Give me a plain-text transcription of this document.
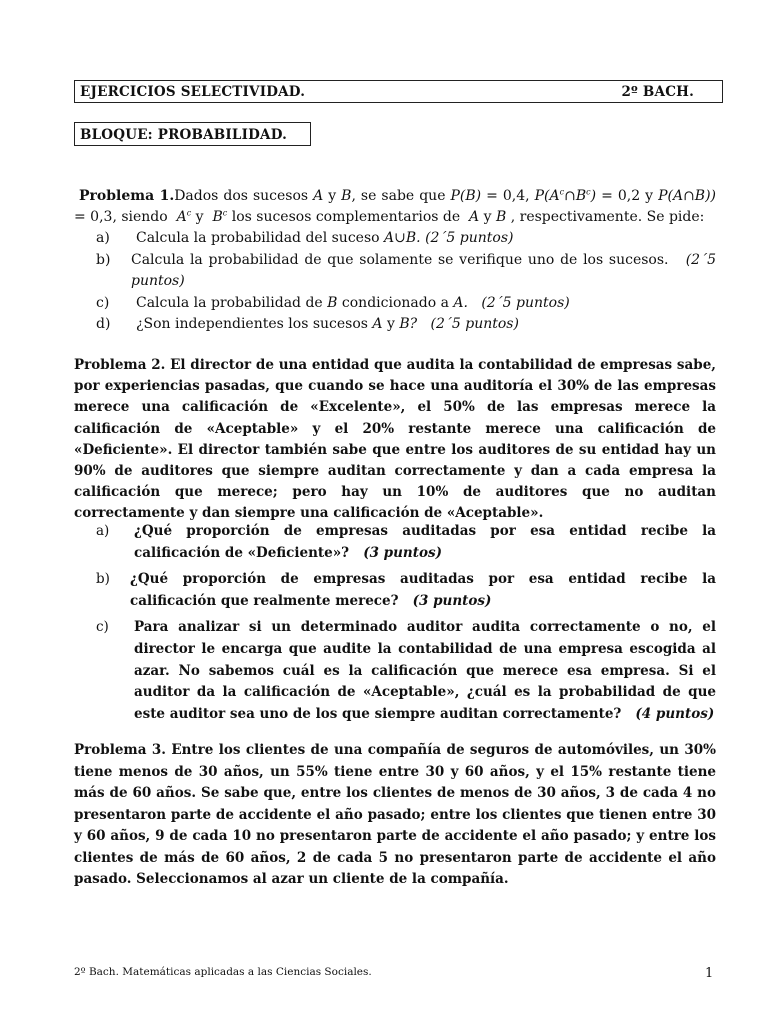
EJERCICIOS SELECTIVIDAD.	2º BACH.
BLOQUE: PROBABILIDAD.
Problema 1.Dados dos sucesos A y B, se sabe que P(B) = 0,4, $P(A^c\cap B^c) = 0,2$ y P(A∩B)) = 0,3, siendo  $A^c$ y  $B^c$ los sucesos complementarios de  A y B , respectivamente. Se pide:
a)	Calcula la probabilidad del suceso A∪B. (2´5 puntos)
b)	Calcula la probabilidad de que solamente se verifique uno de los sucesos. (2´5 puntos)
c)	Calcula la probabilidad de B condicionado a A. (2´5 puntos)
d)	¿Son independientes los sucesos A y B? (2´5 puntos)
Problema 2. El director de una entidad que audita la contabilidad de empresas sabe, por experiencias pasadas, que cuando se hace una auditoría el 30% de las empresas merece una calificación de «Excelente», el 50% de las empresas merece la calificación de «Aceptable» y el 20% restante merece una calificación de «Deficiente». El director también sabe que entre los auditores de su entidad hay un 90% de auditores que siempre auditan correctamente y dan a cada empresa la calificación que merece; pero hay un 10% de auditores que no auditan correctamente y dan siempre una calificación de «Aceptable».
a)	¿Qué proporción de empresas auditadas por esa entidad recibe la calificación de «Deficiente»? (3 puntos)
b)	¿Qué proporción de empresas auditadas por esa entidad recibe la calificación que realmente merece? (3 puntos)
c)	Para analizar si un determinado auditor audita correctamente o no, el director le encarga que audite la contabilidad de una empresa escogida al azar. No sabemos cuál es la calificación que merece esa empresa. Si el auditor da la calificación de «Aceptable», ¿cuál es la probabilidad de que este auditor sea uno de los que siempre auditan correctamente? (4 puntos)
Problema 3. Entre los clientes de una compañía de seguros de automóviles, un 30% tiene menos de 30 años, un 55% tiene entre 30 y 60 años, y el 15% restante tiene más de 60 años. Se sabe que, entre los clientes de menos de 30 años, 3 de cada 4 no presentaron parte de accidente el año pasado; entre los clientes que tienen entre 30 y 60 años, 9 de cada 10 no presentaron parte de accidente el año pasado; y entre los clientes de más de 60 años, 2 de cada 5 no presentaron parte de accidente el año pasado. Seleccionamos al azar un cliente de la compañía.
2º Bach. Matemáticas aplicadas a las Ciencias Sociales.	1
